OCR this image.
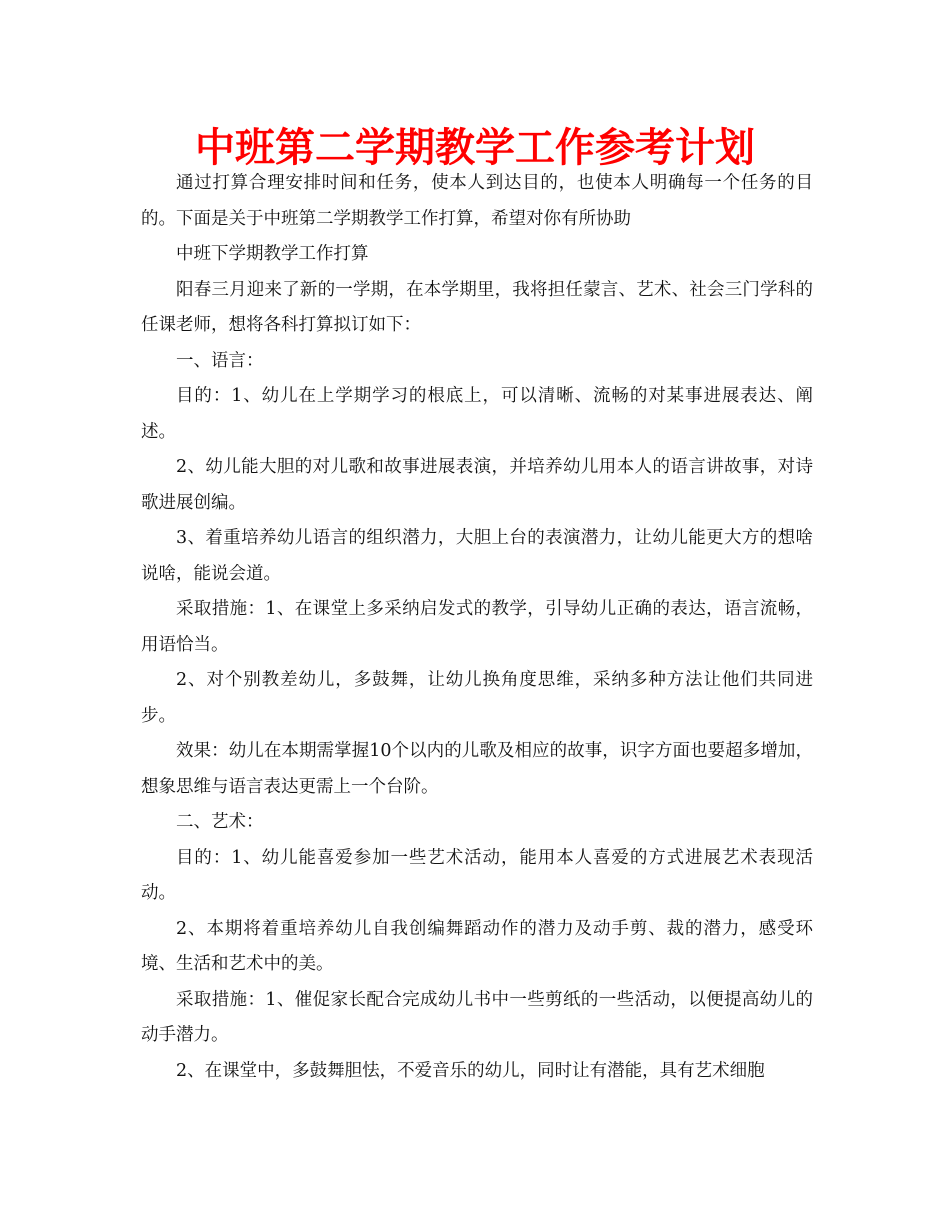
中班第二学期教学工作参考计划

通过打算合理安排时间和任务，使本人到达目的，也使本人明确每一个任务的目的。下面是关于中班第二学期教学工作打算，希望对你有所协助

中班下学期教学工作打算

阳春三月迎来了新的一学期，在本学期里，我将担任蒙言、艺术、社会三门学科的任课老师，想将各科打算拟订如下：

一、语言：

目的：1、幼儿在上学期学习的根底上，可以清晰、流畅的对某事进展表达、阐述。

2、幼儿能大胆的对儿歌和故事进展表演，并培养幼儿用本人的语言讲故事，对诗歌进展创编。

3、着重培养幼儿语言的组织潜力，大胆上台的表演潜力，让幼儿能更大方的想啥说啥，能说会道。

采取措施：1、在课堂上多采纳启发式的教学，引导幼儿正确的表达，语言流畅，用语恰当。

2、对个别教差幼儿，多鼓舞，让幼儿换角度思维，采纳多种方法让他们共同进步。

效果：幼儿在本期需掌握10个以内的儿歌及相应的故事，识字方面也要超多增加，想象思维与语言表达更需上一个台阶。

二、艺术：

目的：1、幼儿能喜爱参加一些艺术活动，能用本人喜爱的方式进展艺术表现活动。

2、本期将着重培养幼儿自我创编舞蹈动作的潜力及动手剪、裁的潜力，感受环境、生活和艺术中的美。

采取措施：1、催促家长配合完成幼儿书中一些剪纸的一些活动，以便提高幼儿的动手潜力。

2、在课堂中，多鼓舞胆怯，不爱音乐的幼儿，同时让有潜能，具有艺术细胞
